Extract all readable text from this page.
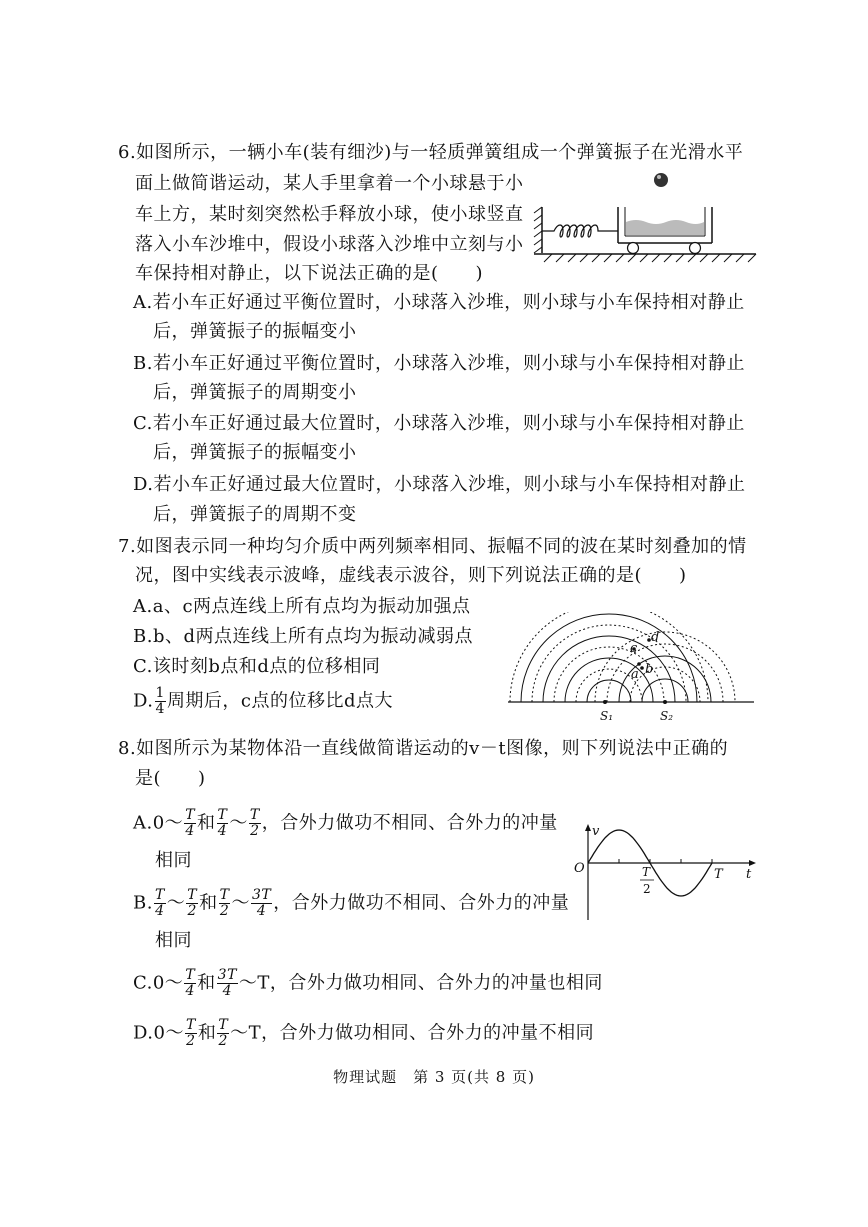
6.如图所示，一辆小车(装有细沙)与一轻质弹簧组成一个弹簧振子在光滑水平
面上做简谐运动，某人手里拿着一个小球悬于小
车上方，某时刻突然松手释放小球，使小球竖直
落入小车沙堆中，假设小球落入沙堆中立刻与小
车保持相对静止，以下说法正确的是(　　)
A.若小车正好通过平衡位置时，小球落入沙堆，则小球与小车保持相对静止
后，弹簧振子的振幅变小
B.若小车正好通过平衡位置时，小球落入沙堆，则小球与小车保持相对静止
后，弹簧振子的周期变小
C.若小车正好通过最大位置时，小球落入沙堆，则小球与小车保持相对静止
后，弹簧振子的振幅变小
D.若小车正好通过最大位置时，小球落入沙堆，则小球与小车保持相对静止
后，弹簧振子的周期不变
7.如图表示同一种均匀介质中两列频率相同、振幅不同的波在某时刻叠加的情
况，图中实线表示波峰，虚线表示波谷，则下列说法正确的是(　　)
A.a、c两点连线上所有点均为振动加强点
B.b、d两点连线上所有点均为振动减弱点
C.该时刻b点和d点的位移相同
D. $\frac{1}{4}$ 周期后，c点的位移比d点大
a b
c
d
S₁	S₂
8.如图所示为某物体沿一直线做简谐运动的v－t图像，则下列说法中正确的
是(　　)
A.0～ $\frac{T}{4}$ 和 $\frac{T}{4}$ ～ $\frac{T}{2}$ ，合外力做功不相同、合外力的冲量
相同
B. $\frac{T}{4}$ ～ $\frac{T}{2}$ 和 $\frac{T}{2}$ ～ $\frac{3T}{4}$ ，合外力做功不相同、合外力的冲量
相同
C.0～ $\frac{T}{4}$ 和 $\frac{3T}{4}$ ～T，合外力做功相同、合外力的冲量也相同
D.0～ $\frac{T}{2}$ 和 $\frac{T}{2}$ ～T，合外力做功相同、合外力的冲量不相同
v
t
O	T
2
T
物理试题　第 3 页(共 8 页)
